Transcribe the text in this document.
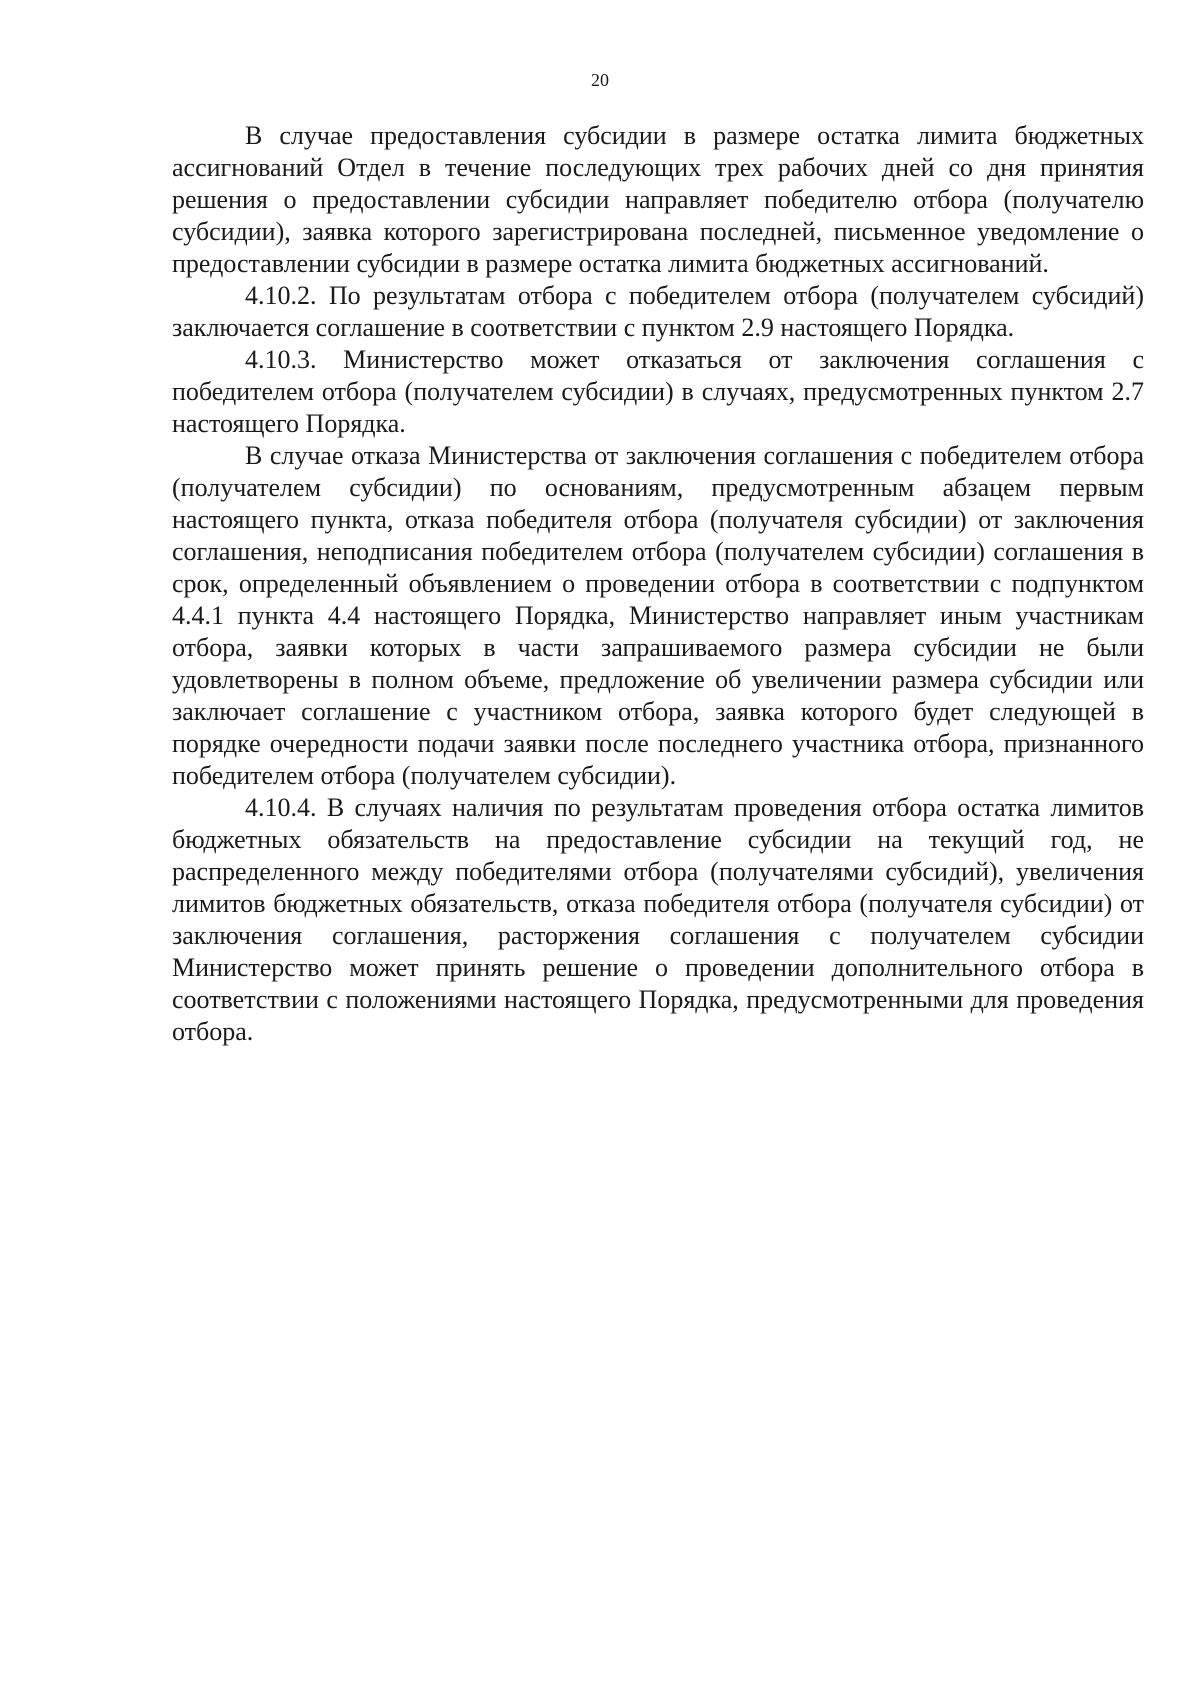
20

В случае предоставления субсидии в размере остатка лимита бюджетных ассигнований Отдел в течение последующих трех рабочих дней со дня принятия решения о предоставлении субсидии направляет победителю отбора (получателю субсидии), заявка которого зарегистрирована последней, письменное уведомление о предоставлении субсидии в размере остатка лимита бюджетных ассигнований.

4.10.2. По результатам отбора с победителем отбора (получателем субсидий) заключается соглашение в соответствии с пунктом 2.9 настоящего Порядка.

4.10.3. Министерство может отказаться от заключения соглашения с победителем отбора (получателем субсидии) в случаях, предусмотренных пунктом 2.7 настоящего Порядка.

В случае отказа Министерства от заключения соглашения с победителем отбора (получателем субсидии) по основаниям, предусмотренным абзацем первым настоящего пункта, отказа победителя отбора (получателя субсидии) от заключения соглашения, неподписания победителем отбора (получателем субсидии) соглашения в срок, определенный объявлением о проведении отбора в соответствии с подпунктом 4.4.1 пункта 4.4 настоящего Порядка, Министерство направляет иным участникам отбора, заявки которых в части запрашиваемого размера субсидии не были удовлетворены в полном объеме, предложение об увеличении размера субсидии или заключает соглашение с участником отбора, заявка которого будет следующей в порядке очередности подачи заявки после последнего участника отбора, признанного победителем отбора (получателем субсидии).

4.10.4. В случаях наличия по результатам проведения отбора остатка лимитов бюджетных обязательств на предоставление субсидии на текущий год, не распределенного между победителями отбора (получателями субсидий), увеличения лимитов бюджетных обязательств, отказа победителя отбора (получателя субсидии) от заключения соглашения, расторжения соглашения с получателем субсидии Министерство может принять решение о проведении дополнительного отбора в соответствии с положениями настоящего Порядка, предусмотренными для проведения отбора.
